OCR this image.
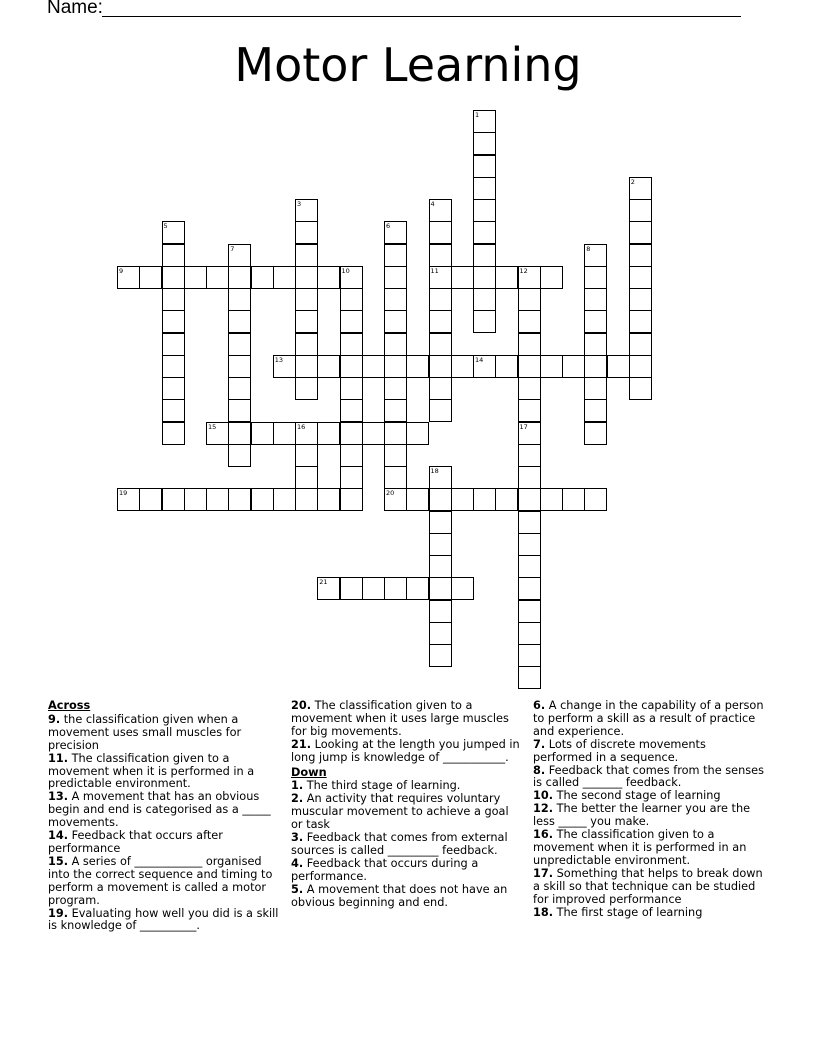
Name:
Motor Learning
1
2
3	4
5	6
7	8
9	10	11	12
13	14
15	16	17
18
19	20
21
Across

9. the classification given when a movement uses small muscles for precision

11. The classification given to a movement when it is performed in a predictable environment.

13. A movement that has an obvious begin and end is categorised as a _____ movements.

14. Feedback that occurs after performance

15. A series of ____________ organised into the correct sequence and timing to perform a movement is called a motor program.

19. Evaluating how well you did is a skill is knowledge of __________.

20. The classification given to a movement when it uses large muscles for big movements.

21. Looking at the length you jumped in long jump is knowledge of ___________.

Down

1. The third stage of learning.

2. An activity that requires voluntary muscular movement to achieve a goal or task

3. Feedback that comes from external sources is called _________ feedback.

4. Feedback that occurs during a performance.

5. A movement that does not have an obvious beginning and end.

6. A change in the capability of a person to perform a skill as a result of practice and experience.

7. Lots of discrete movements performed in a sequence.

8. Feedback that comes from the senses is called _______ feedback.

10. The second stage of learning

12. The better the learner you are the less _____ you make.

16. The classification given to a movement when it is performed in an unpredictable environment.

17. Something that helps to break down a skill so that technique can be studied for improved performance

18. The first stage of learning
